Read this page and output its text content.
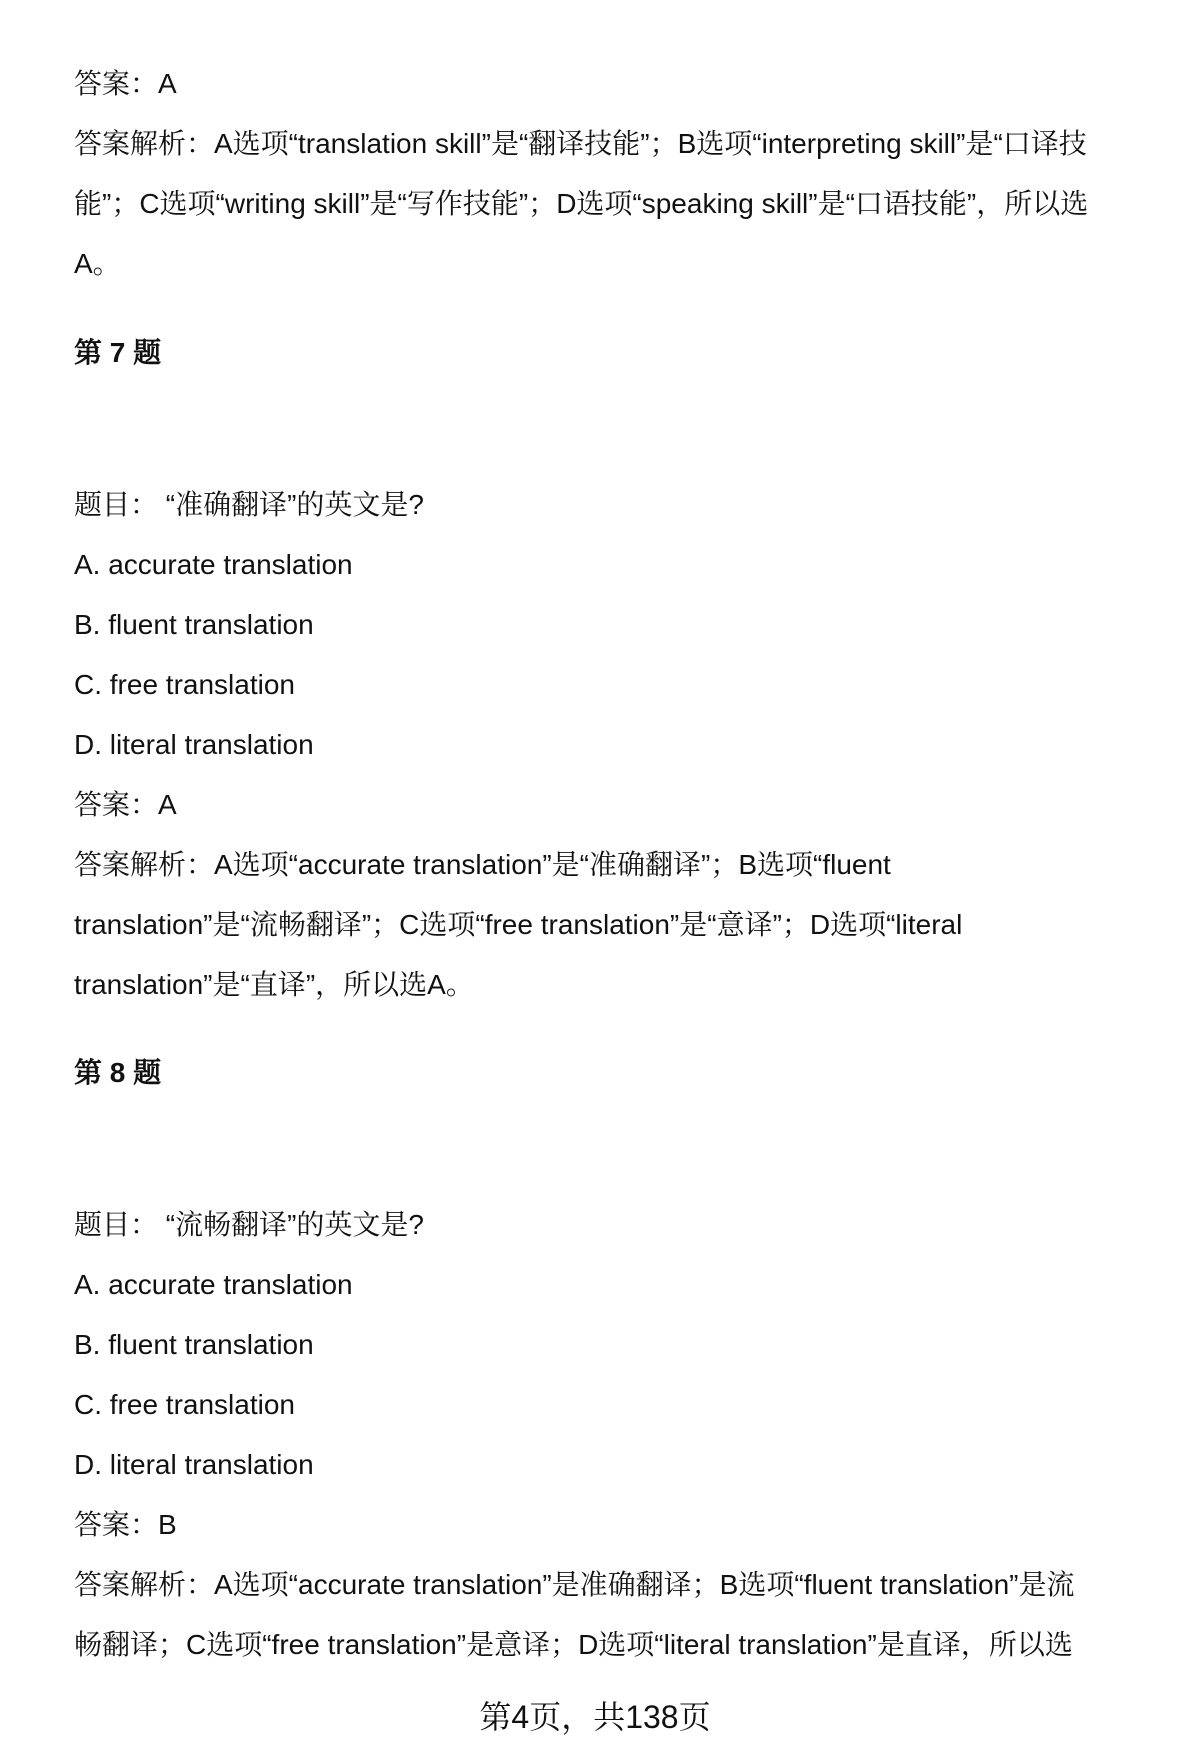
答案：A
答案解析：A选项“translation skill”是“翻译技能”；B选项“interpreting skill”是“口译技
能”；C选项“writing skill”是“写作技能”；D选项“speaking skill”是“口语技能”，所以选
A。
第 7 题
题目： “准确翻译”的英文是?
A. accurate translation
B. fluent translation
C. free translation
D. literal translation
答案：A
答案解析：A选项“accurate translation”是“准确翻译”；B选项“fluent
translation”是“流畅翻译”；C选项“free translation”是“意译”；D选项“literal
translation”是“直译”，所以选A。
第 8 题
题目： “流畅翻译”的英文是?
A. accurate translation
B. fluent translation
C. free translation
D. literal translation
答案：B
答案解析：A选项“accurate translation”是准确翻译；B选项“fluent translation”是流
畅翻译；C选项“free translation”是意译；D选项“literal translation”是直译，所以选
第4页，共138页
